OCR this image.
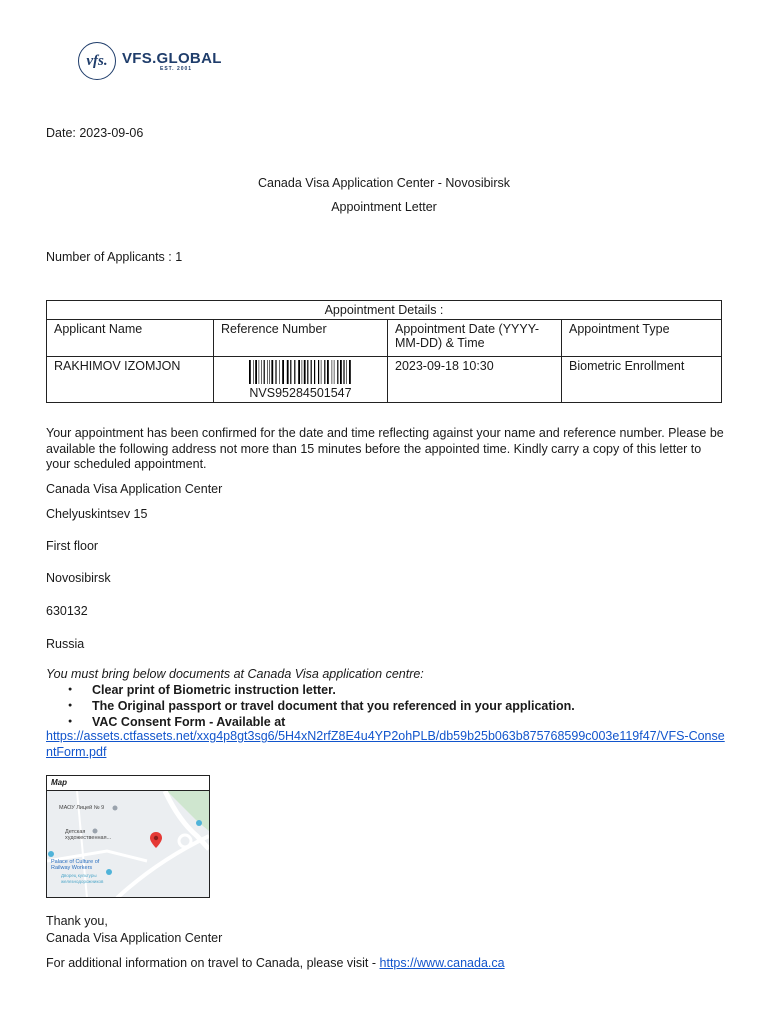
vfs. VFS.GLOBAL
EST. 2001
Date: 2023-09-06
Canada Visa Application Center - Novosibirsk
Appointment Letter
Number of Applicants : 1
Appointment Details :			
Applicant Name	Reference Number	Appointment Date (YYYY-MM-DD) & Time	Appointment Type
RAKHIMOV IZOMJON	NVS95284501547	2023-09-18 10:30	Biometric Enrollment
Your appointment has been confirmed for the date and time reflecting against your name and reference number. Please be available the following address not more than 15 minutes before the appointed time. Kindly carry a copy of this letter to your scheduled appointment.
Canada Visa Application Center
Chelyuskintsev 15
First floor
Novosibirsk
630132
Russia
You must bring below documents at Canada Visa application centre:
● Clear print of Biometric instruction letter.
● The Original passport or travel document that you referenced in your application.
● VAC Consent Form - Available at
https://assets.ctfassets.net/xxg4p8gt3sg6/5H4xN2rfZ8E4u4YP2ohPLB/db59b25b063b875768599c003e119f47/VFS-ConsentForm.pdf
Map
МАОУ Лицей № 9
Детская художественная...
Palace of Culture of Railway Workers
Дворец культуры железнодорожников
Thank you,
Canada Visa Application Center
For additional information on travel to Canada, please visit - https://www.canada.ca
